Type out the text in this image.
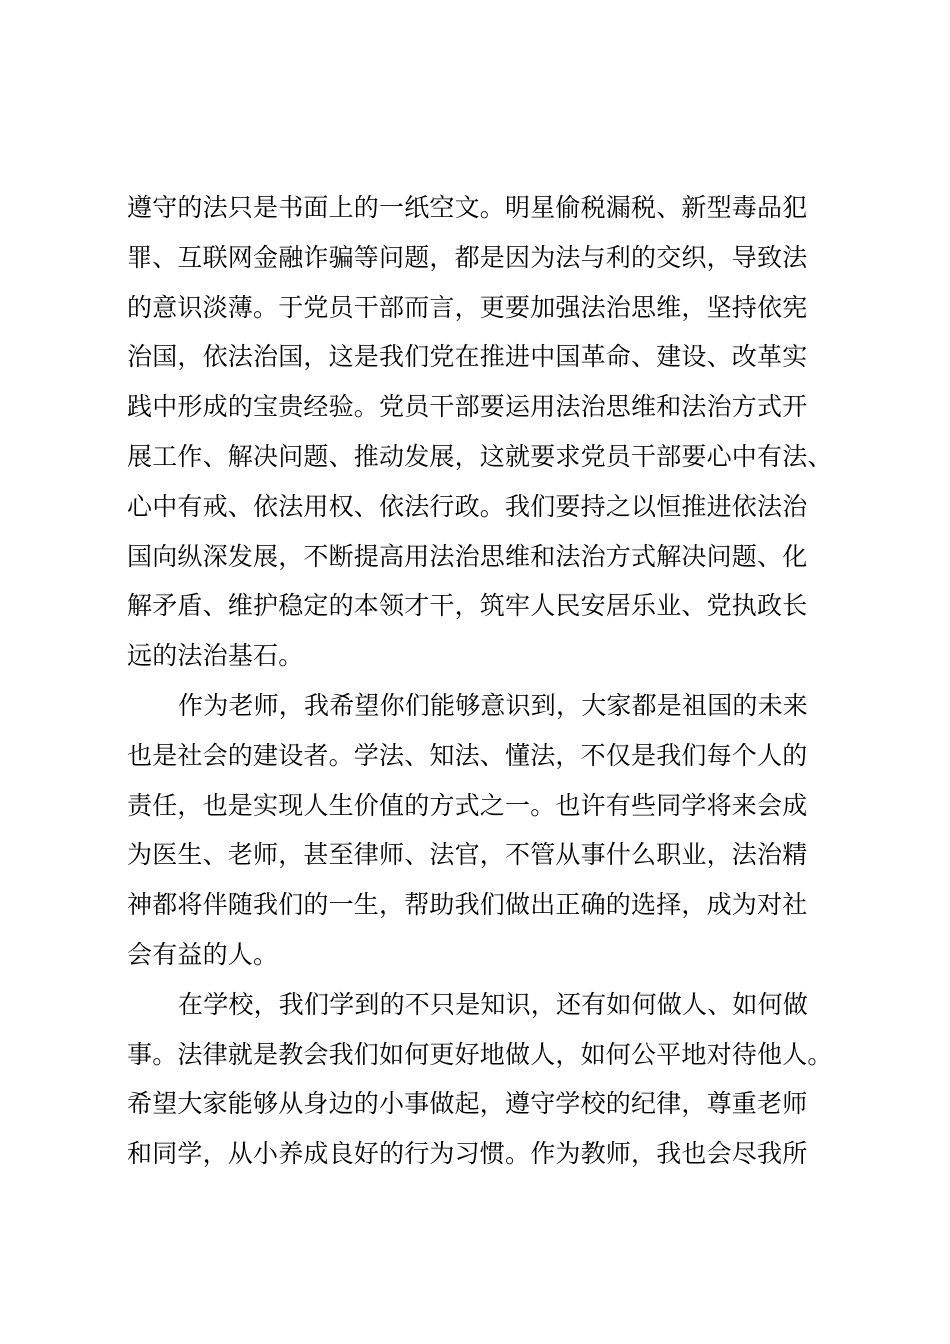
遵守的法只是书面上的一纸空文。明星偷税漏税、新型毒品犯
罪、互联网金融诈骗等问题，都是因为法与利的交织，导致法
的意识淡薄。于党员干部而言，更要加强法治思维，坚持依宪
治国，依法治国，这是我们党在推进中国革命、建设、改革实
践中形成的宝贵经验。党员干部要运用法治思维和法治方式开
展工作、解决问题、推动发展，这就要求党员干部要心中有法、
心中有戒、依法用权、依法行政。我们要持之以恒推进依法治
国向纵深发展，不断提高用法治思维和法治方式解决问题、化
解矛盾、维护稳定的本领才干，筑牢人民安居乐业、党执政长
远的法治基石。
作为老师，我希望你们能够意识到，大家都是祖国的未来
也是社会的建设者。学法、知法、懂法，不仅是我们每个人的
责任，也是实现人生价值的方式之一。也许有些同学将来会成
为医生、老师，甚至律师、法官，不管从事什么职业，法治精
神都将伴随我们的一生，帮助我们做出正确的选择，成为对社
会有益的人。
在学校，我们学到的不只是知识，还有如何做人、如何做
事。法律就是教会我们如何更好地做人，如何公平地对待他人。
希望大家能够从身边的小事做起，遵守学校的纪律，尊重老师
和同学，从小养成良好的行为习惯。作为教师，我也会尽我所
